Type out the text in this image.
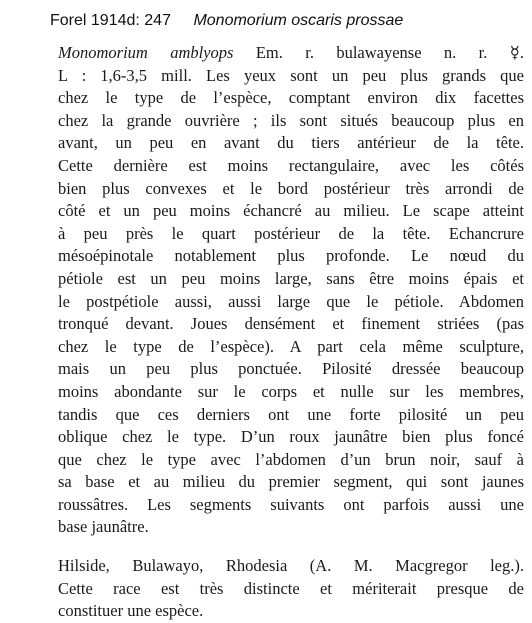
Forel 1914d: 247 Monomorium oscaris prossae
Monomorium amblyops Em. r. bulawayense n. r. ☿.
L : 1,6-3,5 mill. Les yeux sont un peu plus grands que
chez le type de l’espèce, comptant environ dix facettes
chez la grande ouvrière ; ils sont situés beaucoup plus en
avant, un peu en avant du tiers antérieur de la tête.
Cette dernière est moins rectangulaire, avec les côtés
bien plus convexes et le bord postérieur très arrondi de
côté et un peu moins échancré au milieu. Le scape atteint
à peu près le quart postérieur de la tête. Echancrure
mésoépinotale notablement plus profonde. Le nœud du
pétiole est un peu moins large, sans être moins épais et
le postpétiole aussi, aussi large que le pétiole. Abdomen
tronqué devant. Joues densément et finement striées (pas
chez le type de l’espèce). A part cela même sculpture,
mais un peu plus ponctuée. Pilosité dressée beaucoup
moins abondante sur le corps et nulle sur les membres,
tandis que ces derniers ont une forte pilosité un peu
oblique chez le type. D’un roux jaunâtre bien plus foncé
que chez le type avec l’abdomen d’un brun noir, sauf à
sa base et au milieu du premier segment, qui sont jaunes
roussâtres. Les segments suivants ont parfois aussi une
base jaunâtre.
Hilside, Bulawayo, Rhodesia (A. M. Macgregor leg.).
Cette race est très distincte et mériterait presque de
constituer une espèce.
